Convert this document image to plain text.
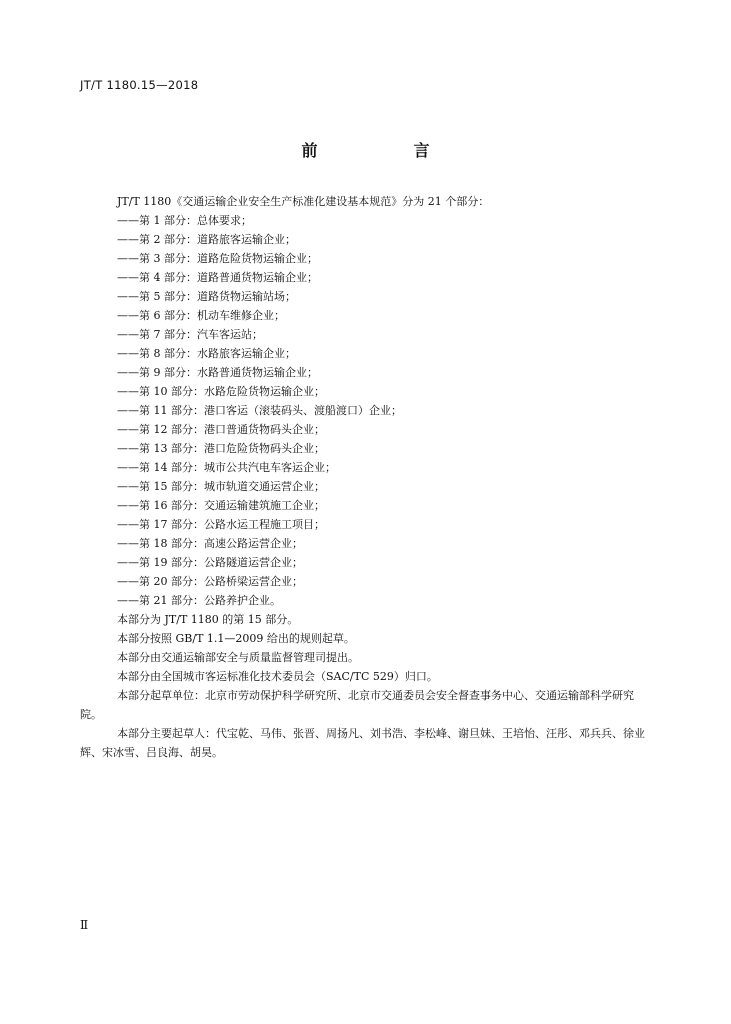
JT/T 1180.15—2018
前　言
JT/T 1180《交通运输企业安全生产标准化建设基本规范》分为 21 个部分：
——第 1 部分：总体要求；
——第 2 部分：道路旅客运输企业；
——第 3 部分：道路危险货物运输企业；
——第 4 部分：道路普通货物运输企业；
——第 5 部分：道路货物运输站场；
——第 6 部分：机动车维修企业；
——第 7 部分：汽车客运站；
——第 8 部分：水路旅客运输企业；
——第 9 部分：水路普通货物运输企业；
——第 10 部分：水路危险货物运输企业；
——第 11 部分：港口客运（滚装码头、渡船渡口）企业；
——第 12 部分：港口普通货物码头企业；
——第 13 部分：港口危险货物码头企业；
——第 14 部分：城市公共汽电车客运企业；
——第 15 部分：城市轨道交通运营企业；
——第 16 部分：交通运输建筑施工企业；
——第 17 部分：公路水运工程施工项目；
——第 18 部分：高速公路运营企业；
——第 19 部分：公路隧道运营企业；
——第 20 部分：公路桥梁运营企业；
——第 21 部分：公路养护企业。
本部分为 JT/T 1180 的第 15 部分。
本部分按照 GB/T 1.1—2009 给出的规则起草。
本部分由交通运输部安全与质量监督管理司提出。
本部分由全国城市客运标准化技术委员会（SAC/TC 529）归口。
本部分起草单位：北京市劳动保护科学研究所、北京市交通委员会安全督查事务中心、交通运输部科学研究院。
本部分主要起草人：代宝乾、马伟、张晋、周扬凡、刘书浩、李松峰、谢旦妹、王培怡、汪彤、邓兵兵、徐业辉、宋冰雪、吕良海、胡昊。
Ⅱ
